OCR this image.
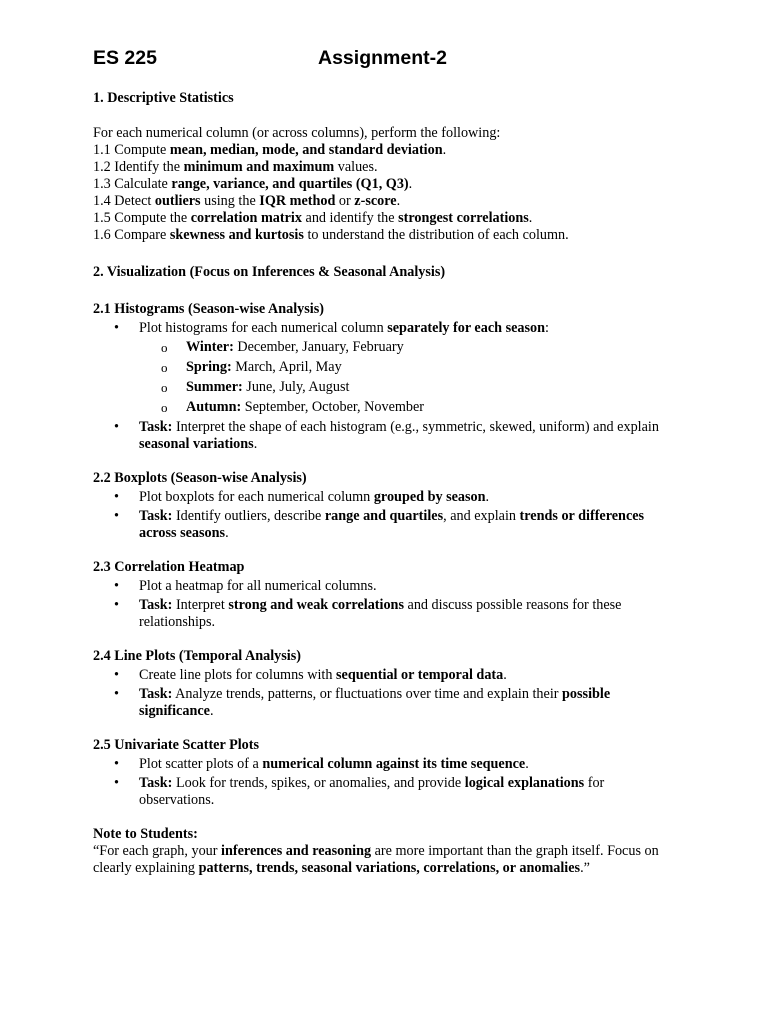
ES 225	Assignment-2
1. Descriptive Statistics
For each numerical column (or across columns), perform the following:
1.1 Compute mean, median, mode, and standard deviation.
1.2 Identify the minimum and maximum values.
1.3 Calculate range, variance, and quartiles (Q1, Q3).
1.4 Detect outliers using the IQR method or z-score.
1.5 Compute the correlation matrix and identify the strongest correlations.
1.6 Compare skewness and kurtosis to understand the distribution of each column.
2. Visualization (Focus on Inferences & Seasonal Analysis)
2.1 Histograms (Season-wise Analysis)
• Plot histograms for each numerical column separately for each season:
o Winter: December, January, February
o Spring: March, April, May
o Summer: June, July, August
o Autumn: September, October, November
• Task: Interpret the shape of each histogram (e.g., symmetric, skewed, uniform) and explain seasonal variations.
2.2 Boxplots (Season-wise Analysis)
• Plot boxplots for each numerical column grouped by season.
• Task: Identify outliers, describe range and quartiles, and explain trends or differences across seasons.
2.3 Correlation Heatmap
• Plot a heatmap for all numerical columns.
• Task: Interpret strong and weak correlations and discuss possible reasons for these relationships.
2.4 Line Plots (Temporal Analysis)
• Create line plots for columns with sequential or temporal data.
• Task: Analyze trends, patterns, or fluctuations over time and explain their possible significance.
2.5 Univariate Scatter Plots
• Plot scatter plots of a numerical column against its time sequence.
• Task: Look for trends, spikes, or anomalies, and provide logical explanations for observations.
Note to Students:
“For each graph, your inferences and reasoning are more important than the graph itself. Focus on clearly explaining patterns, trends, seasonal variations, correlations, or anomalies.”
